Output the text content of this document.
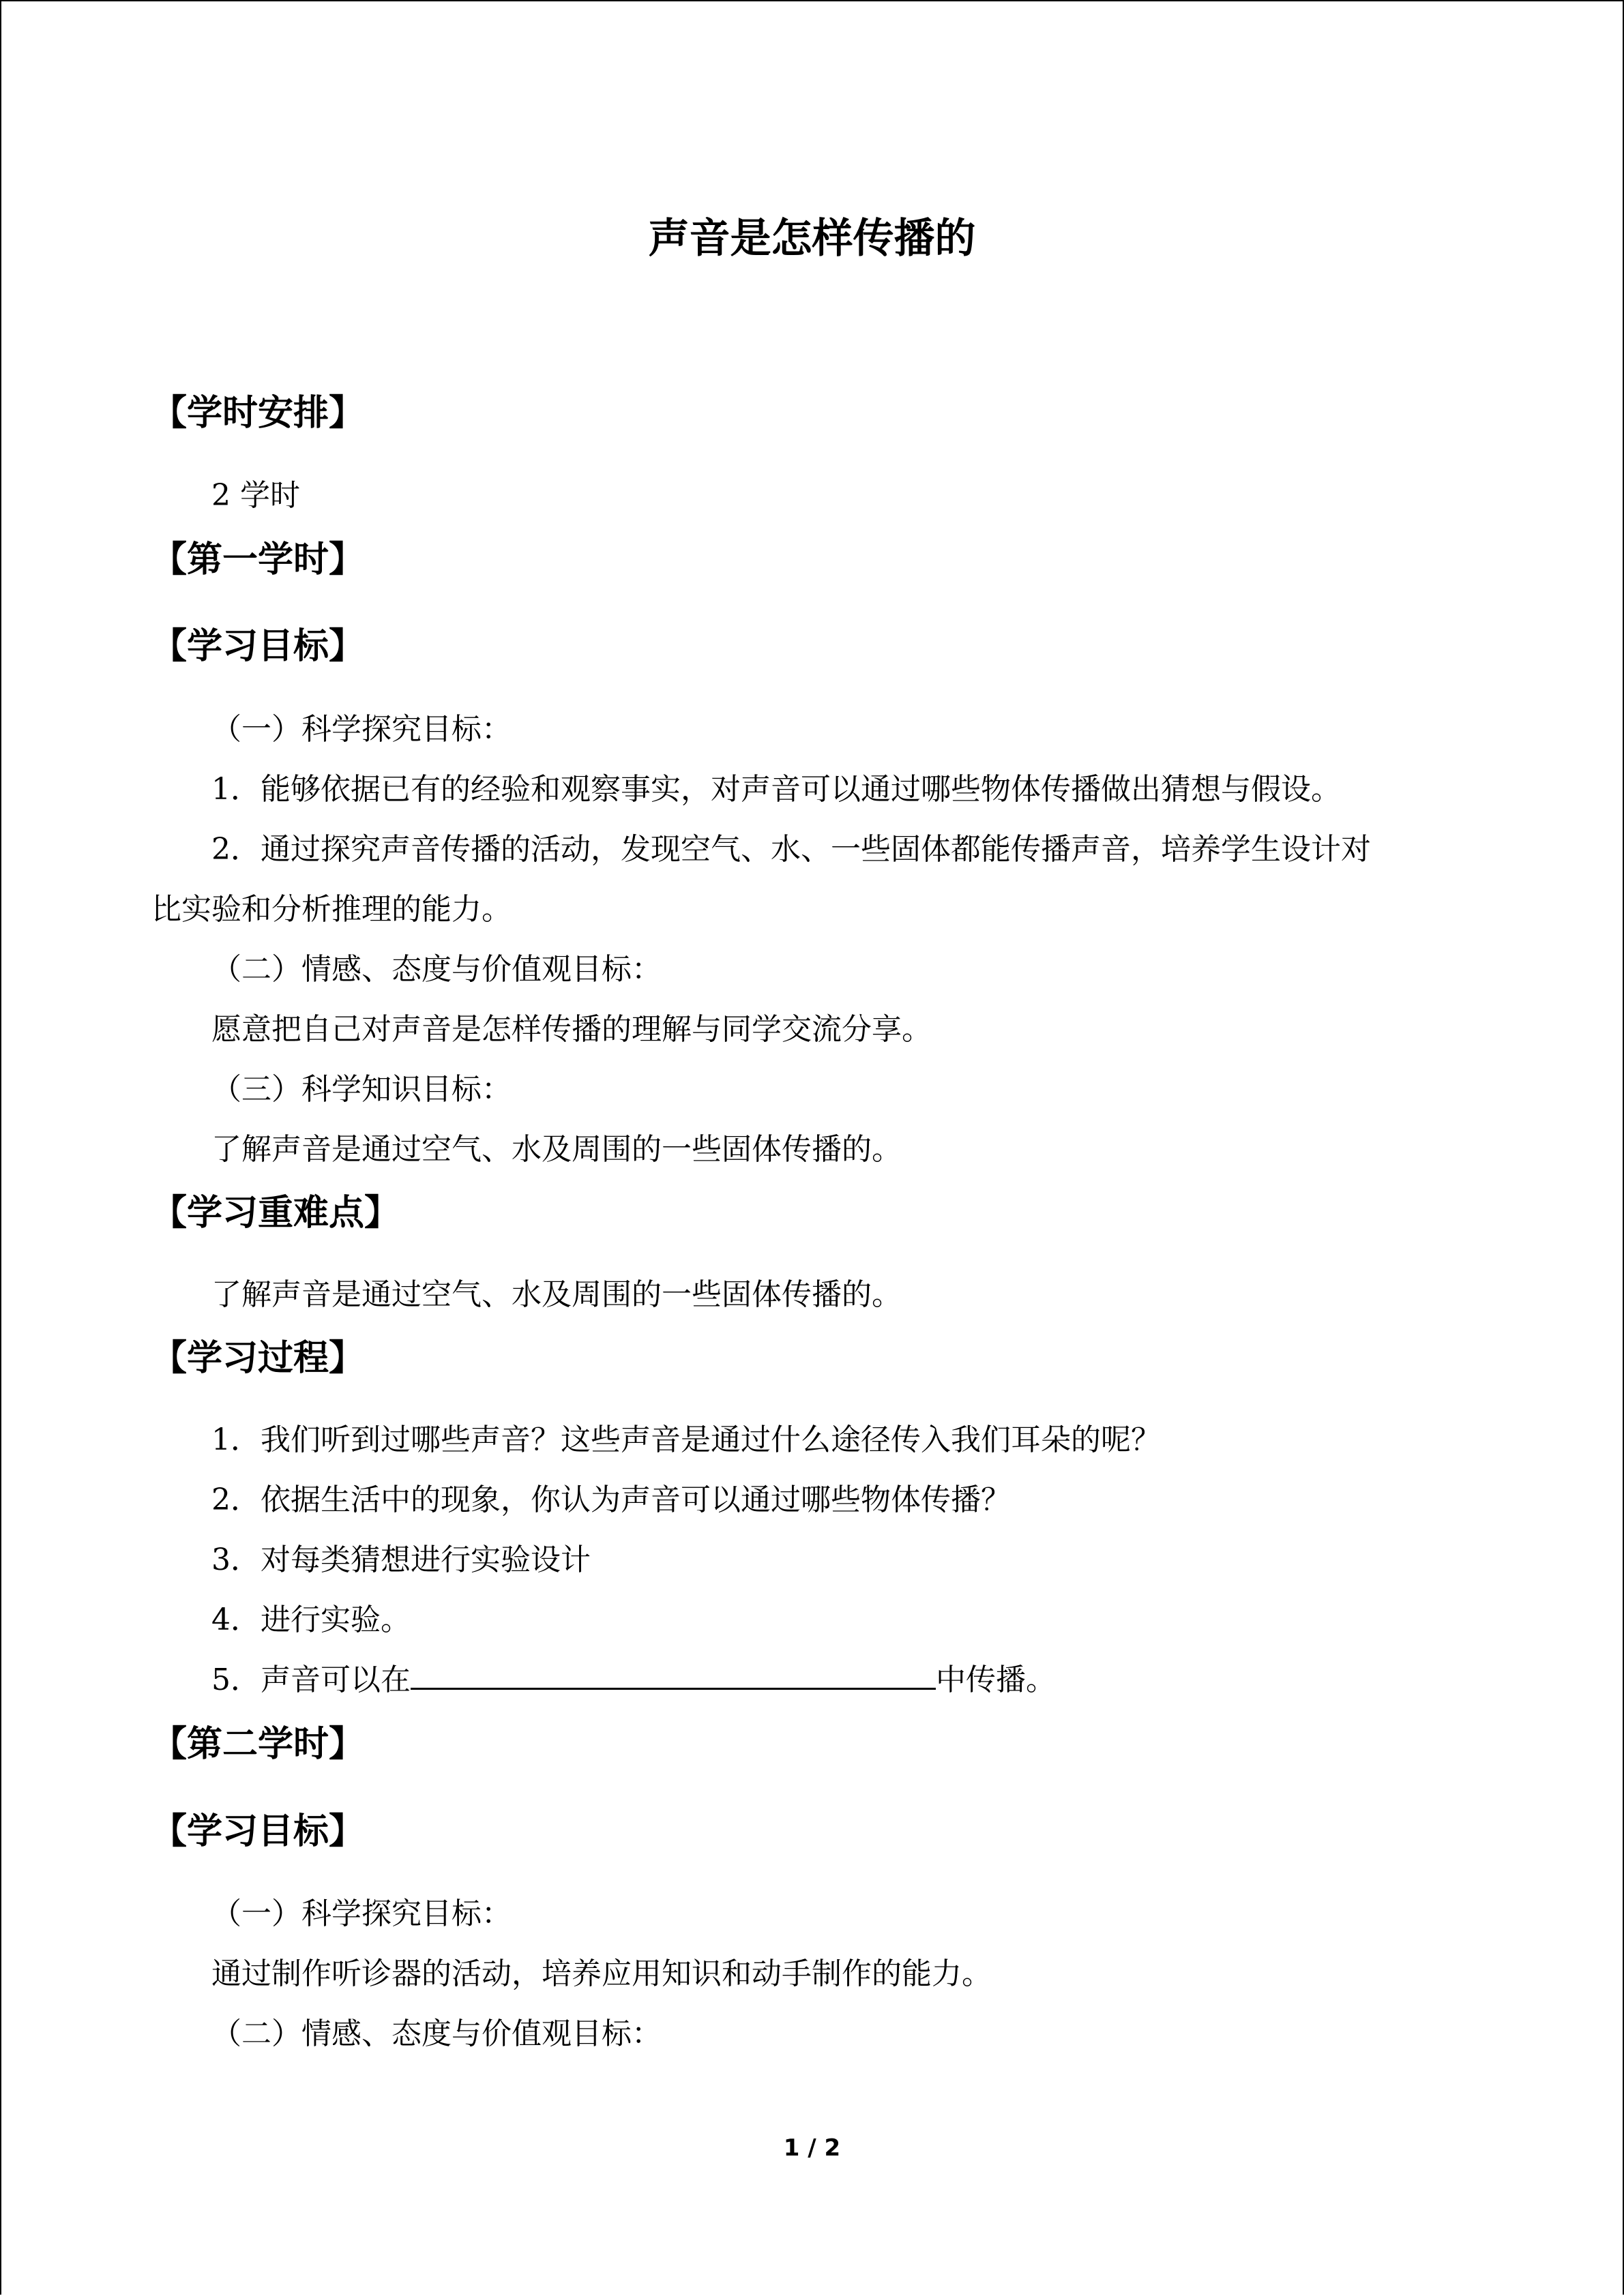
声音是怎样传播的
【学时安排】
2 学时
【第一学时】
【学习目标】
（一）科学探究目标：
1．能够依据已有的经验和观察事实，对声音可以通过哪些物体传播做出猜想与假设。
2．通过探究声音传播的活动，发现空气、水、一些固体都能传播声音，培养学生设计对
比实验和分析推理的能力。
（二）情感、态度与价值观目标：
愿意把自己对声音是怎样传播的理解与同学交流分享。
（三）科学知识目标：
了解声音是通过空气、水及周围的一些固体传播的。
【学习重难点】
了解声音是通过空气、水及周围的一些固体传播的。
【学习过程】
1．我们听到过哪些声音？这些声音是通过什么途径传入我们耳朵的呢？
2．依据生活中的现象，你认为声音可以通过哪些物体传播？
3．对每类猜想进行实验设计
4．进行实验。
5．声音可以在	中传播。
【第二学时】
【学习目标】
（一）科学探究目标：
通过制作听诊器的活动，培养应用知识和动手制作的能力。
（二）情感、态度与价值观目标：
1 / 2
